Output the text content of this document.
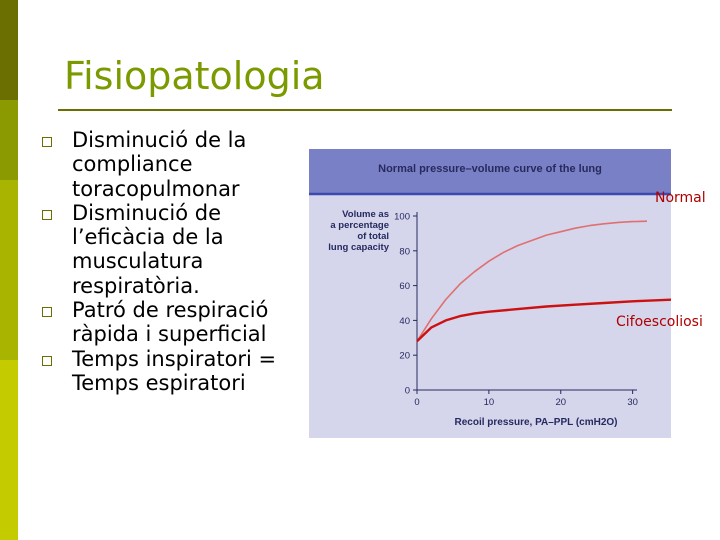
Fisiopatologia
Disminució de la compliance toracopulmonar
Disminució de l’eficàcia de la musculatura respiratòria.
Patró de respiració ràpida i superficial
Temps inspiratori = Temps espiratori
Normal pressure–volume curve of the lung
Volume as
a percentage
of total
lung capacity
0
20
40
60
80
100
0	10	20	30
Recoil pressure, PA–PPL (cmH2O)
Normal
Cifoescoliosi
